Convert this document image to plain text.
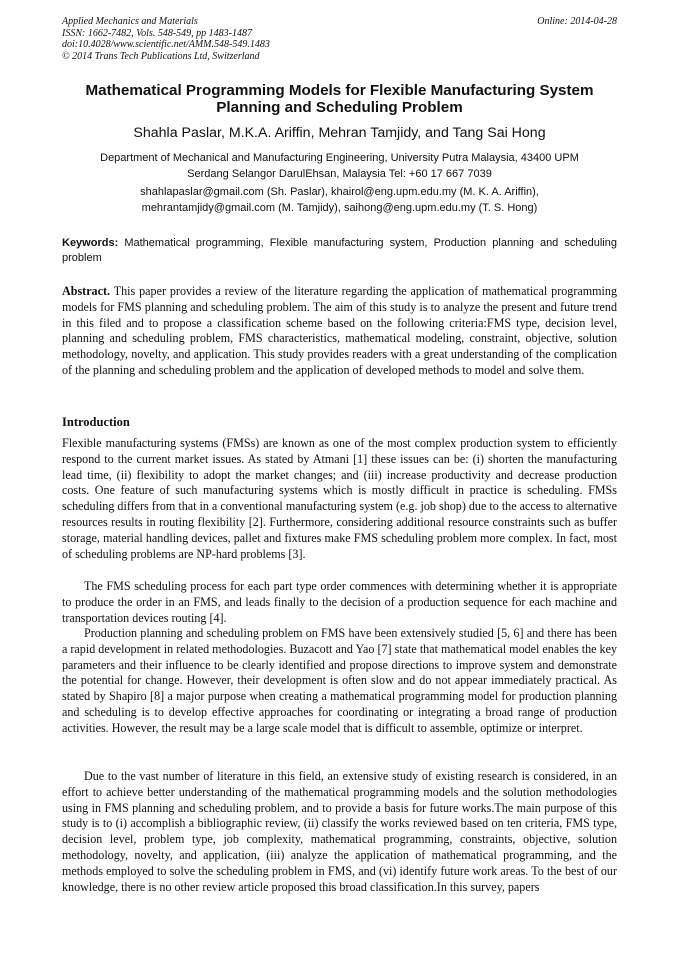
Applied Mechanics and Materials
ISSN: 1662-7482, Vols. 548-549, pp 1483-1487
doi:10.4028/www.scientific.net/AMM.548-549.1483
© 2014 Trans Tech Publications Ltd, Switzerland
Online: 2014-04-28
Mathematical Programming Models for Flexible Manufacturing System Planning and Scheduling Problem
Shahla Paslar, M.K.A. Ariffin, Mehran Tamjidy, and Tang Sai Hong
Department of Mechanical and Manufacturing Engineering, University Putra Malaysia, 43400 UPM
Serdang Selangor DarulEhsan, Malaysia Tel: +60 17 667 7039
shahlapaslar@gmail.com (Sh. Paslar), khairol@eng.upm.edu.my (M. K. A. Ariffin),
mehrantamjidy@gmail.com (M. Tamjidy), saihong@eng.upm.edu.my (T. S. Hong)
Keywords: Mathematical programming, Flexible manufacturing system, Production planning and scheduling problem

Abstract. This paper provides a review of the literature regarding the application of mathematical programming models for FMS planning and scheduling problem. The aim of this study is to analyze the present and future trend in this filed and to propose a classification scheme based on the following criteria:FMS type, decision level, planning and scheduling problem, FMS characteristics, mathematical modeling, constraint, objective, solution methodology, novelty, and application. This study provides readers with a great understanding of the complication of the planning and scheduling problem and the application of developed methods to model and solve them.

Introduction

Flexible manufacturing systems (FMSs) are known as one of the most complex production system to efficiently respond to the current market issues. As stated by Atmani [1] these issues can be: (i) shorten the manufacturing lead time, (ii) flexibility to adopt the market changes; and (iii) increase productivity and decrease production costs. One feature of such manufacturing systems which is mostly difficult in practice is scheduling. FMSs scheduling differs from that in a conventional manufacturing system (e.g. job shop) due to the access to alternative resources results in routing flexibility [2]. Furthermore, considering additional resource constraints such as buffer storage, material handling devices, pallet and fixtures make FMS scheduling problem more complex. In fact, most of scheduling problems are NP-hard problems [3].

The FMS scheduling process for each part type order commences with determining whether it is appropriate to produce the order in an FMS, and leads finally to the decision of a production sequence for each machine and transportation devices routing [4].

Production planning and scheduling problem on FMS have been extensively studied [5, 6] and there has been a rapid development in related methodologies. Buzacott and Yao [7] state that mathematical model enables the key parameters and their influence to be clearly identified and propose directions to improve system and demonstrate the potential for change. However, their development is often slow and do not appear immediately practical. As stated by Shapiro [8] a major purpose when creating a mathematical programming model for production planning and scheduling is to develop effective approaches for coordinating or integrating a broad range of production activities. However, the result may be a large scale model that is difficult to assemble, optimize or interpret.

Due to the vast number of literature in this field, an extensive study of existing research is considered, in an effort to achieve better understanding of the mathematical programming models and the solution methodologies using in FMS planning and scheduling problem, and to provide a basis for future works.The main purpose of this study is to (i) accomplish a bibliographic review, (ii) classify the works reviewed based on ten criteria, FMS type, decision level, problem type, job complexity, mathematical programming, constraints, objective, solution methodology, novelty, and application, (iii) analyze the application of mathematical programming, and the methods employed to solve the scheduling problem in FMS, and (vi) identify future work areas. To the best of our knowledge, there is no other review article proposed this broad classification.In this survey, papers
